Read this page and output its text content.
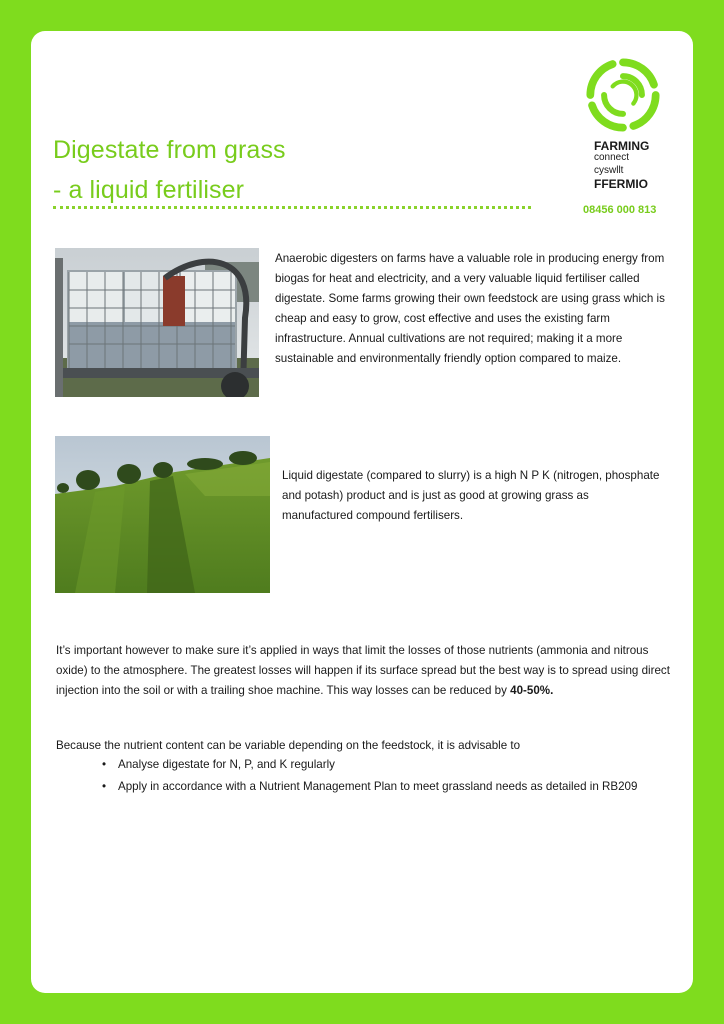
Digestate from grass
- a liquid fertiliser

FARMING

connect

cyswllt

FFERMIO

08456 000 813

Anaerobic digesters on farms have a valuable role in producing energy from biogas for heat and electricity, and a very valuable liquid fertiliser called digestate. Some farms growing their own feedstock are using grass which is cheap and easy to grow, cost effective and uses the existing farm infrastructure. Annual cultivations are not required; making it a more sustainable and environmentally friendly option compared to maize.

Liquid digestate (compared to slurry) is a high N P K (nitrogen, phosphate and potash) product and is just as good at growing grass as manufactured compound fertilisers.

It’s important however to make sure it’s applied in ways that limit the losses of those nutrients (ammonia and nitrous oxide) to the atmosphere. The greatest losses will happen if its surface spread but the best way is to spread using direct injection into the soil or with a trailing shoe machine. This way losses can be reduced by 40-50%.

Because the nutrient content can be variable depending on the feedstock, it is advisable to

• Analyse digestate for N, P, and K regularly
• Apply in accordance with a Nutrient Management Plan to meet grassland needs as detailed in RB209
